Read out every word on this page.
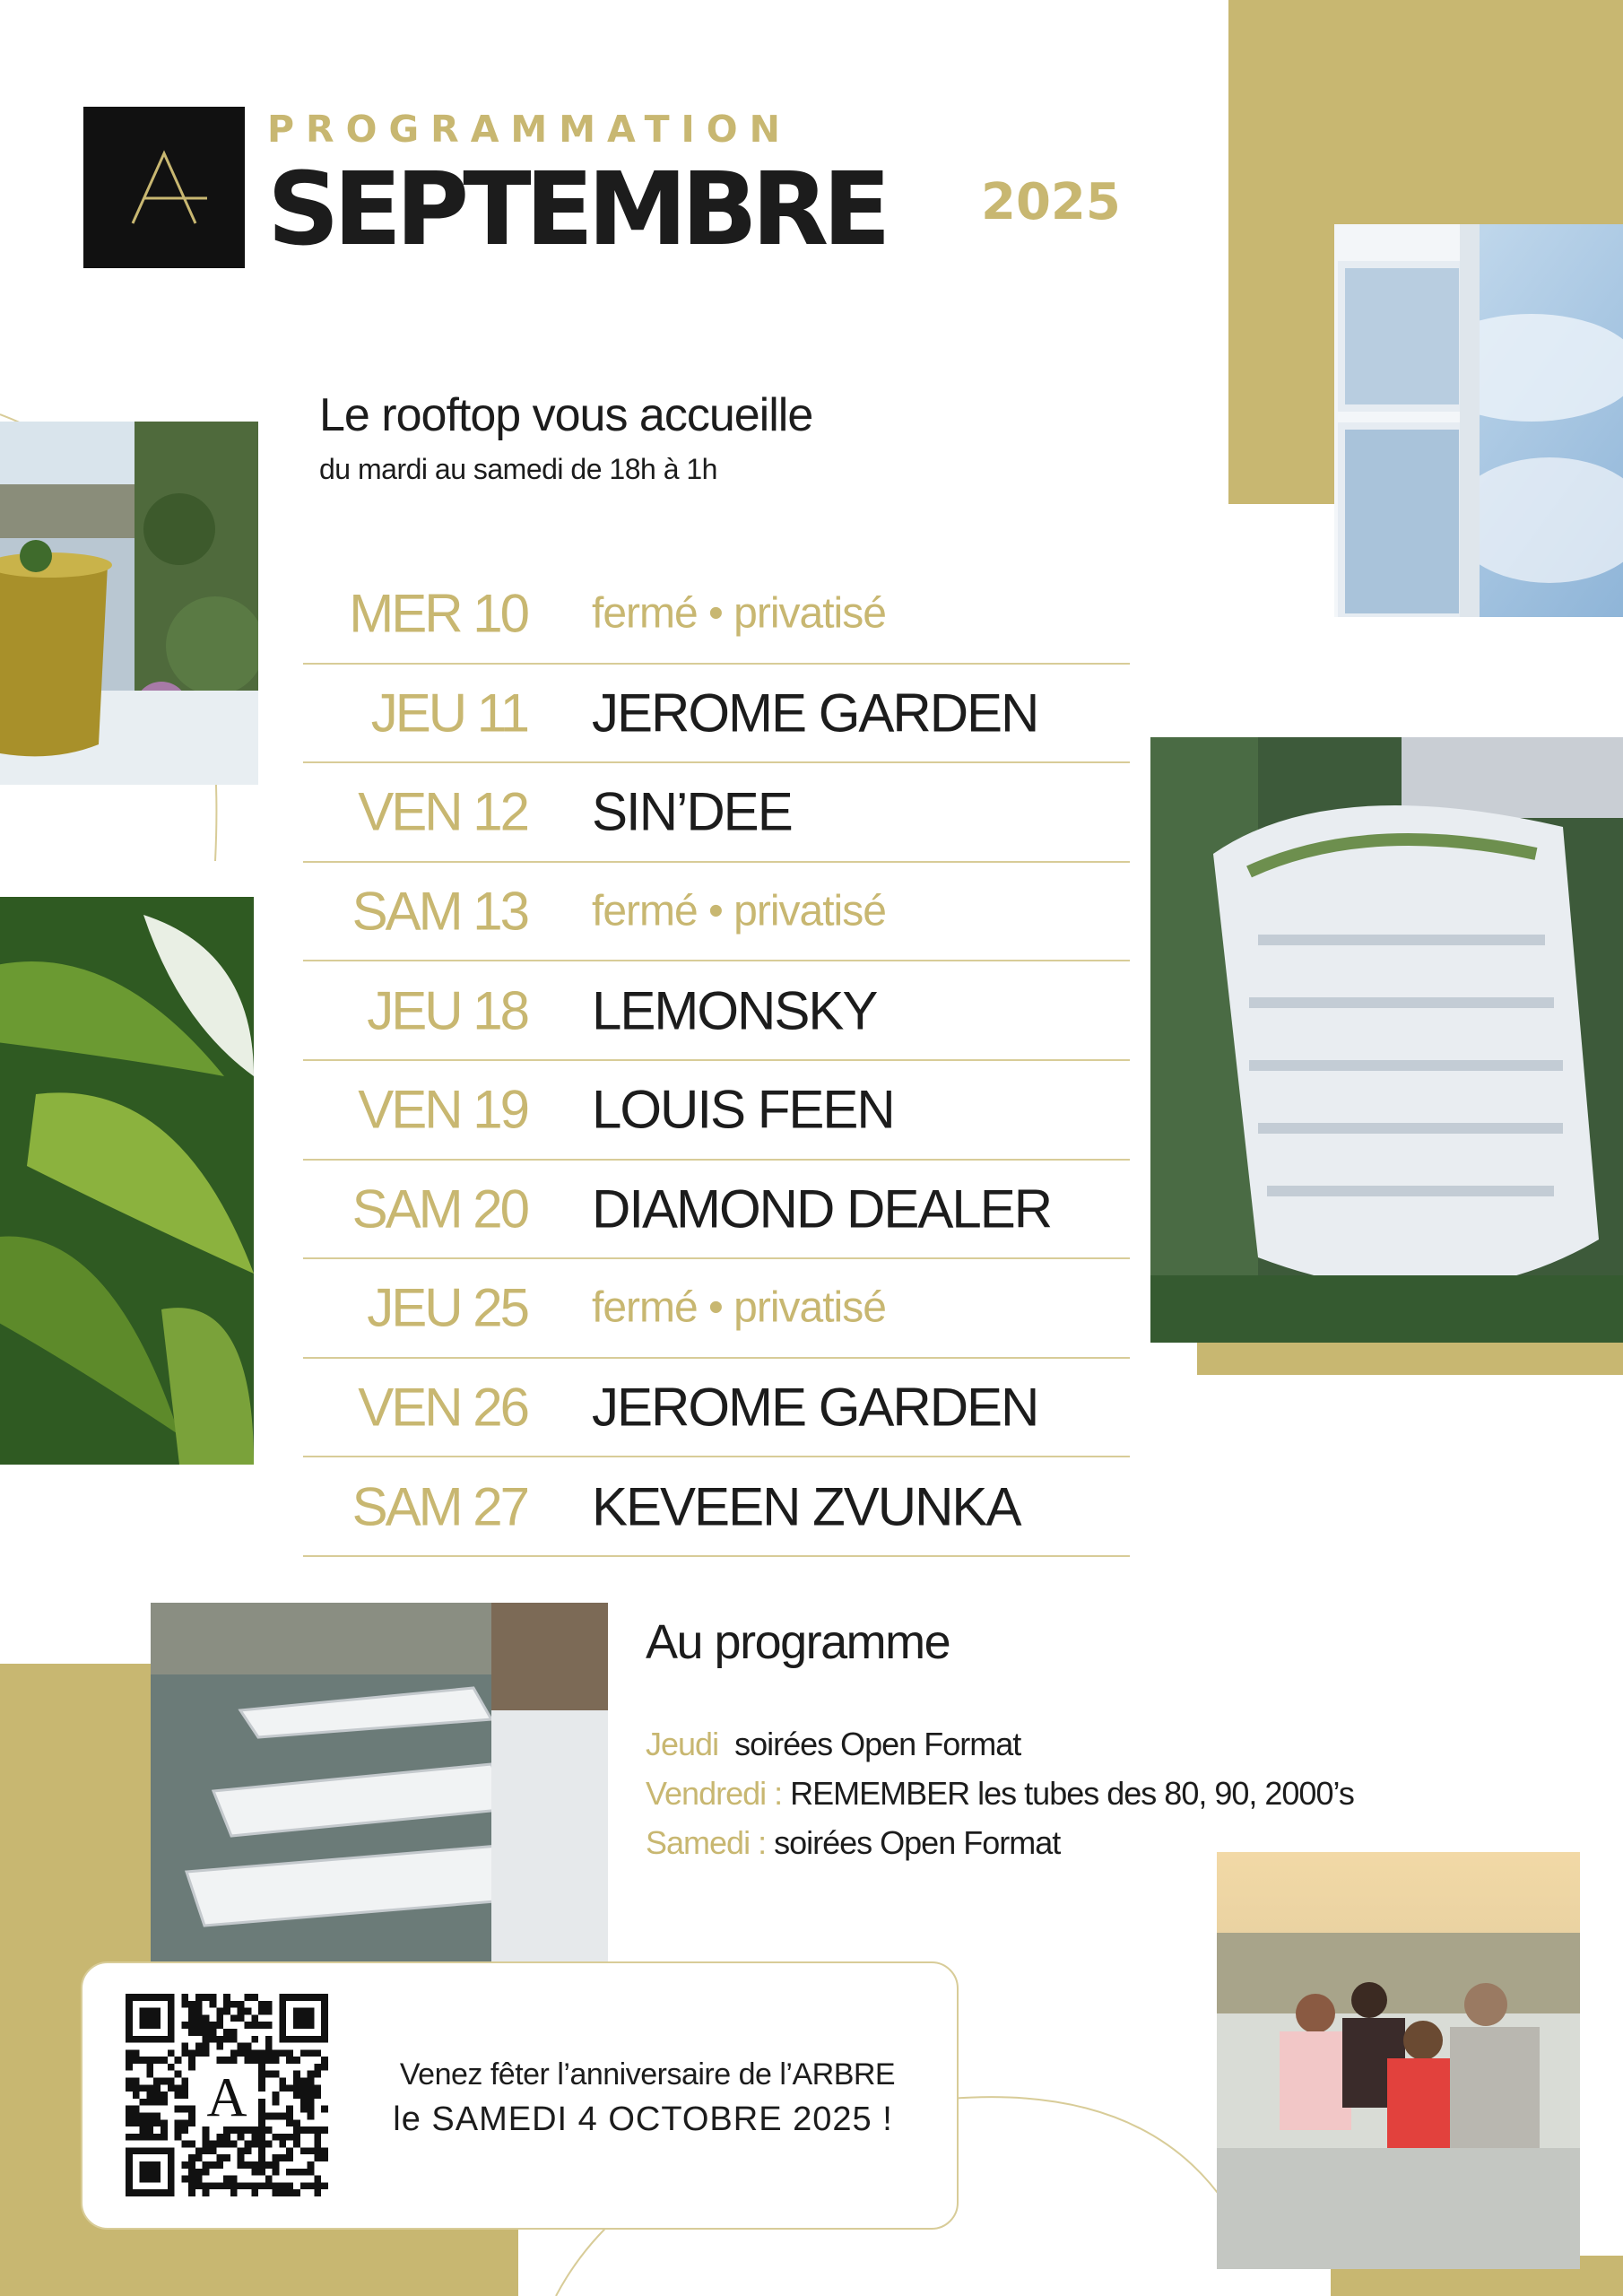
PROGRAMMATION
SEPTEMBRE 2025
Le rooftop vous accueille
du mardi au samedi de 18h à 1h
MER 10 fermé • privatisé
JEU 11 JEROME GARDEN
VEN 12 SIN’DEE
SAM 13 fermé • privatisé
JEU 18 LEMONSKY
VEN 19 LOUIS FEEN
SAM 20 DIAMOND DEALER
JEU 25 fermé • privatisé
VEN 26 JEROME GARDEN
SAM 27 KEVEEN ZVUNKA
Au programme
Jeudi soirées Open Format
Vendredi : REMEMBER les tubes des 80, 90, 2000’s
Samedi : soirées Open Format
A	Venez fêter l’anniversaire de l’ARBRE
le SAMEDI 4 OCTOBRE 2025 !
